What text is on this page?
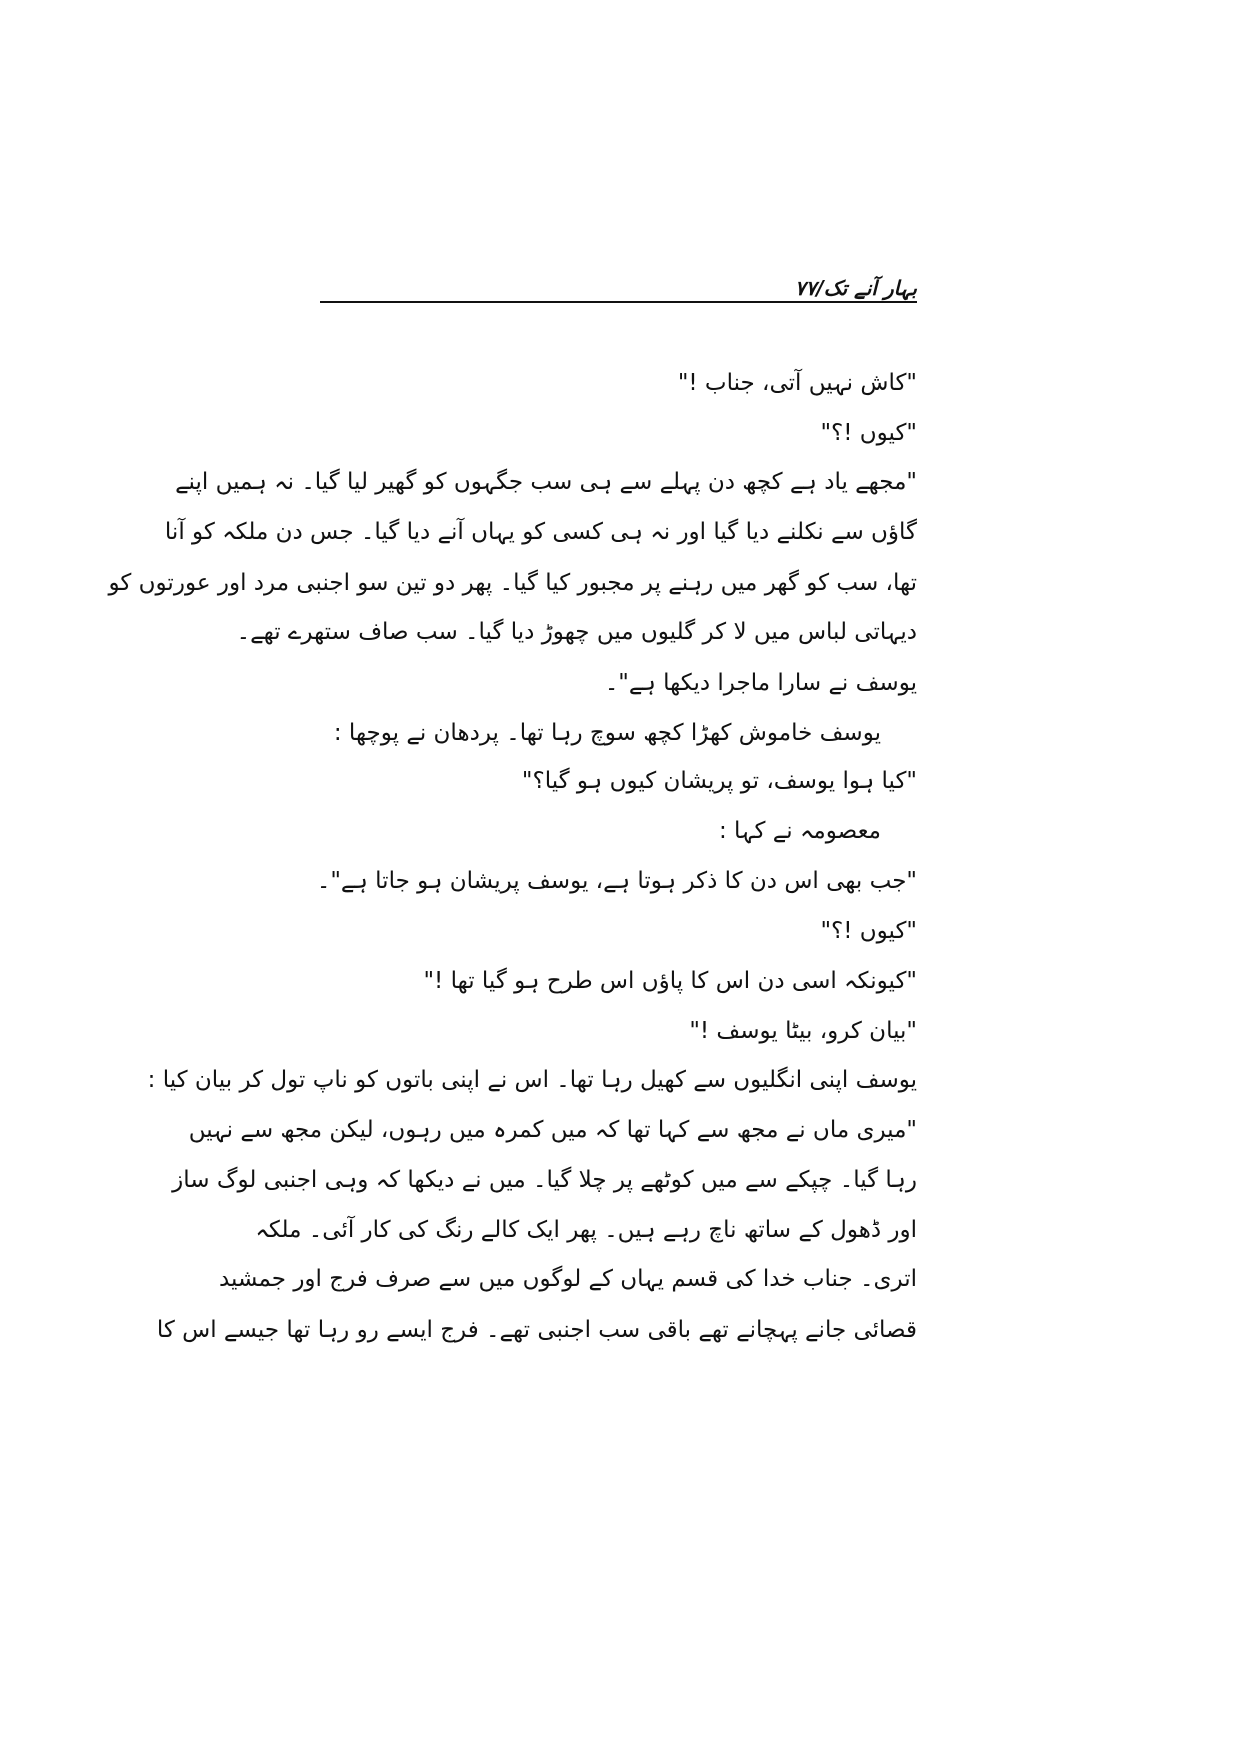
بہار آنے تک/۷۷
"کاش نہیں آتی، جناب !"
"کیوں !؟"
"مجھے یاد ہے کچھ دن پہلے سے ہی سب جگہوں کو گھیر لیا گیا۔ نہ ہمیں اپنے
گاؤں سے نکلنے دیا گیا اور نہ ہی کسی کو یہاں آنے دیا گیا۔ جس دن ملکہ کو آنا
تھا، سب کو گھر میں رہنے پر مجبور کیا گیا۔ پھر دو تین سو اجنبی مرد اور عورتوں کو
دیہاتی لباس میں لا کر گلیوں میں چھوڑ دیا گیا۔ سب صاف ستھرے تھے۔
یوسف نے سارا ماجرا دیکھا ہے"۔
یوسف خاموش کھڑا کچھ سوچ رہا تھا۔ پردھان نے پوچھا :
"کیا ہوا یوسف، تو پریشان کیوں ہو گیا؟"
معصومہ نے کہا :
"جب بھی اس دن کا ذکر ہوتا ہے، یوسف پریشان ہو جاتا ہے"۔
"کیوں !؟"
"کیونکہ اسی دن اس کا پاؤں اس طرح ہو گیا تھا !"
"بیان کرو، بیٹا یوسف !"
یوسف اپنی انگلیوں سے کھیل رہا تھا۔ اس نے اپنی باتوں کو ناپ تول کر بیان کیا :
"میری ماں نے مجھ سے کہا تھا کہ میں کمرہ میں رہوں، لیکن مجھ سے نہیں
رہا گیا۔ چپکے سے میں کوٹھے پر چلا گیا۔ میں نے دیکھا کہ وہی اجنبی لوگ ساز
اور ڈھول کے ساتھ ناچ رہے ہیں۔ پھر ایک کالے رنگ کی کار آئی۔ ملکہ
اتری۔ جناب خدا کی قسم یہاں کے لوگوں میں سے صرف فرج اور جمشید
قصائی جانے پہچانے تھے باقی سب اجنبی تھے۔ فرج ایسے رو رہا تھا جیسے اس کا
